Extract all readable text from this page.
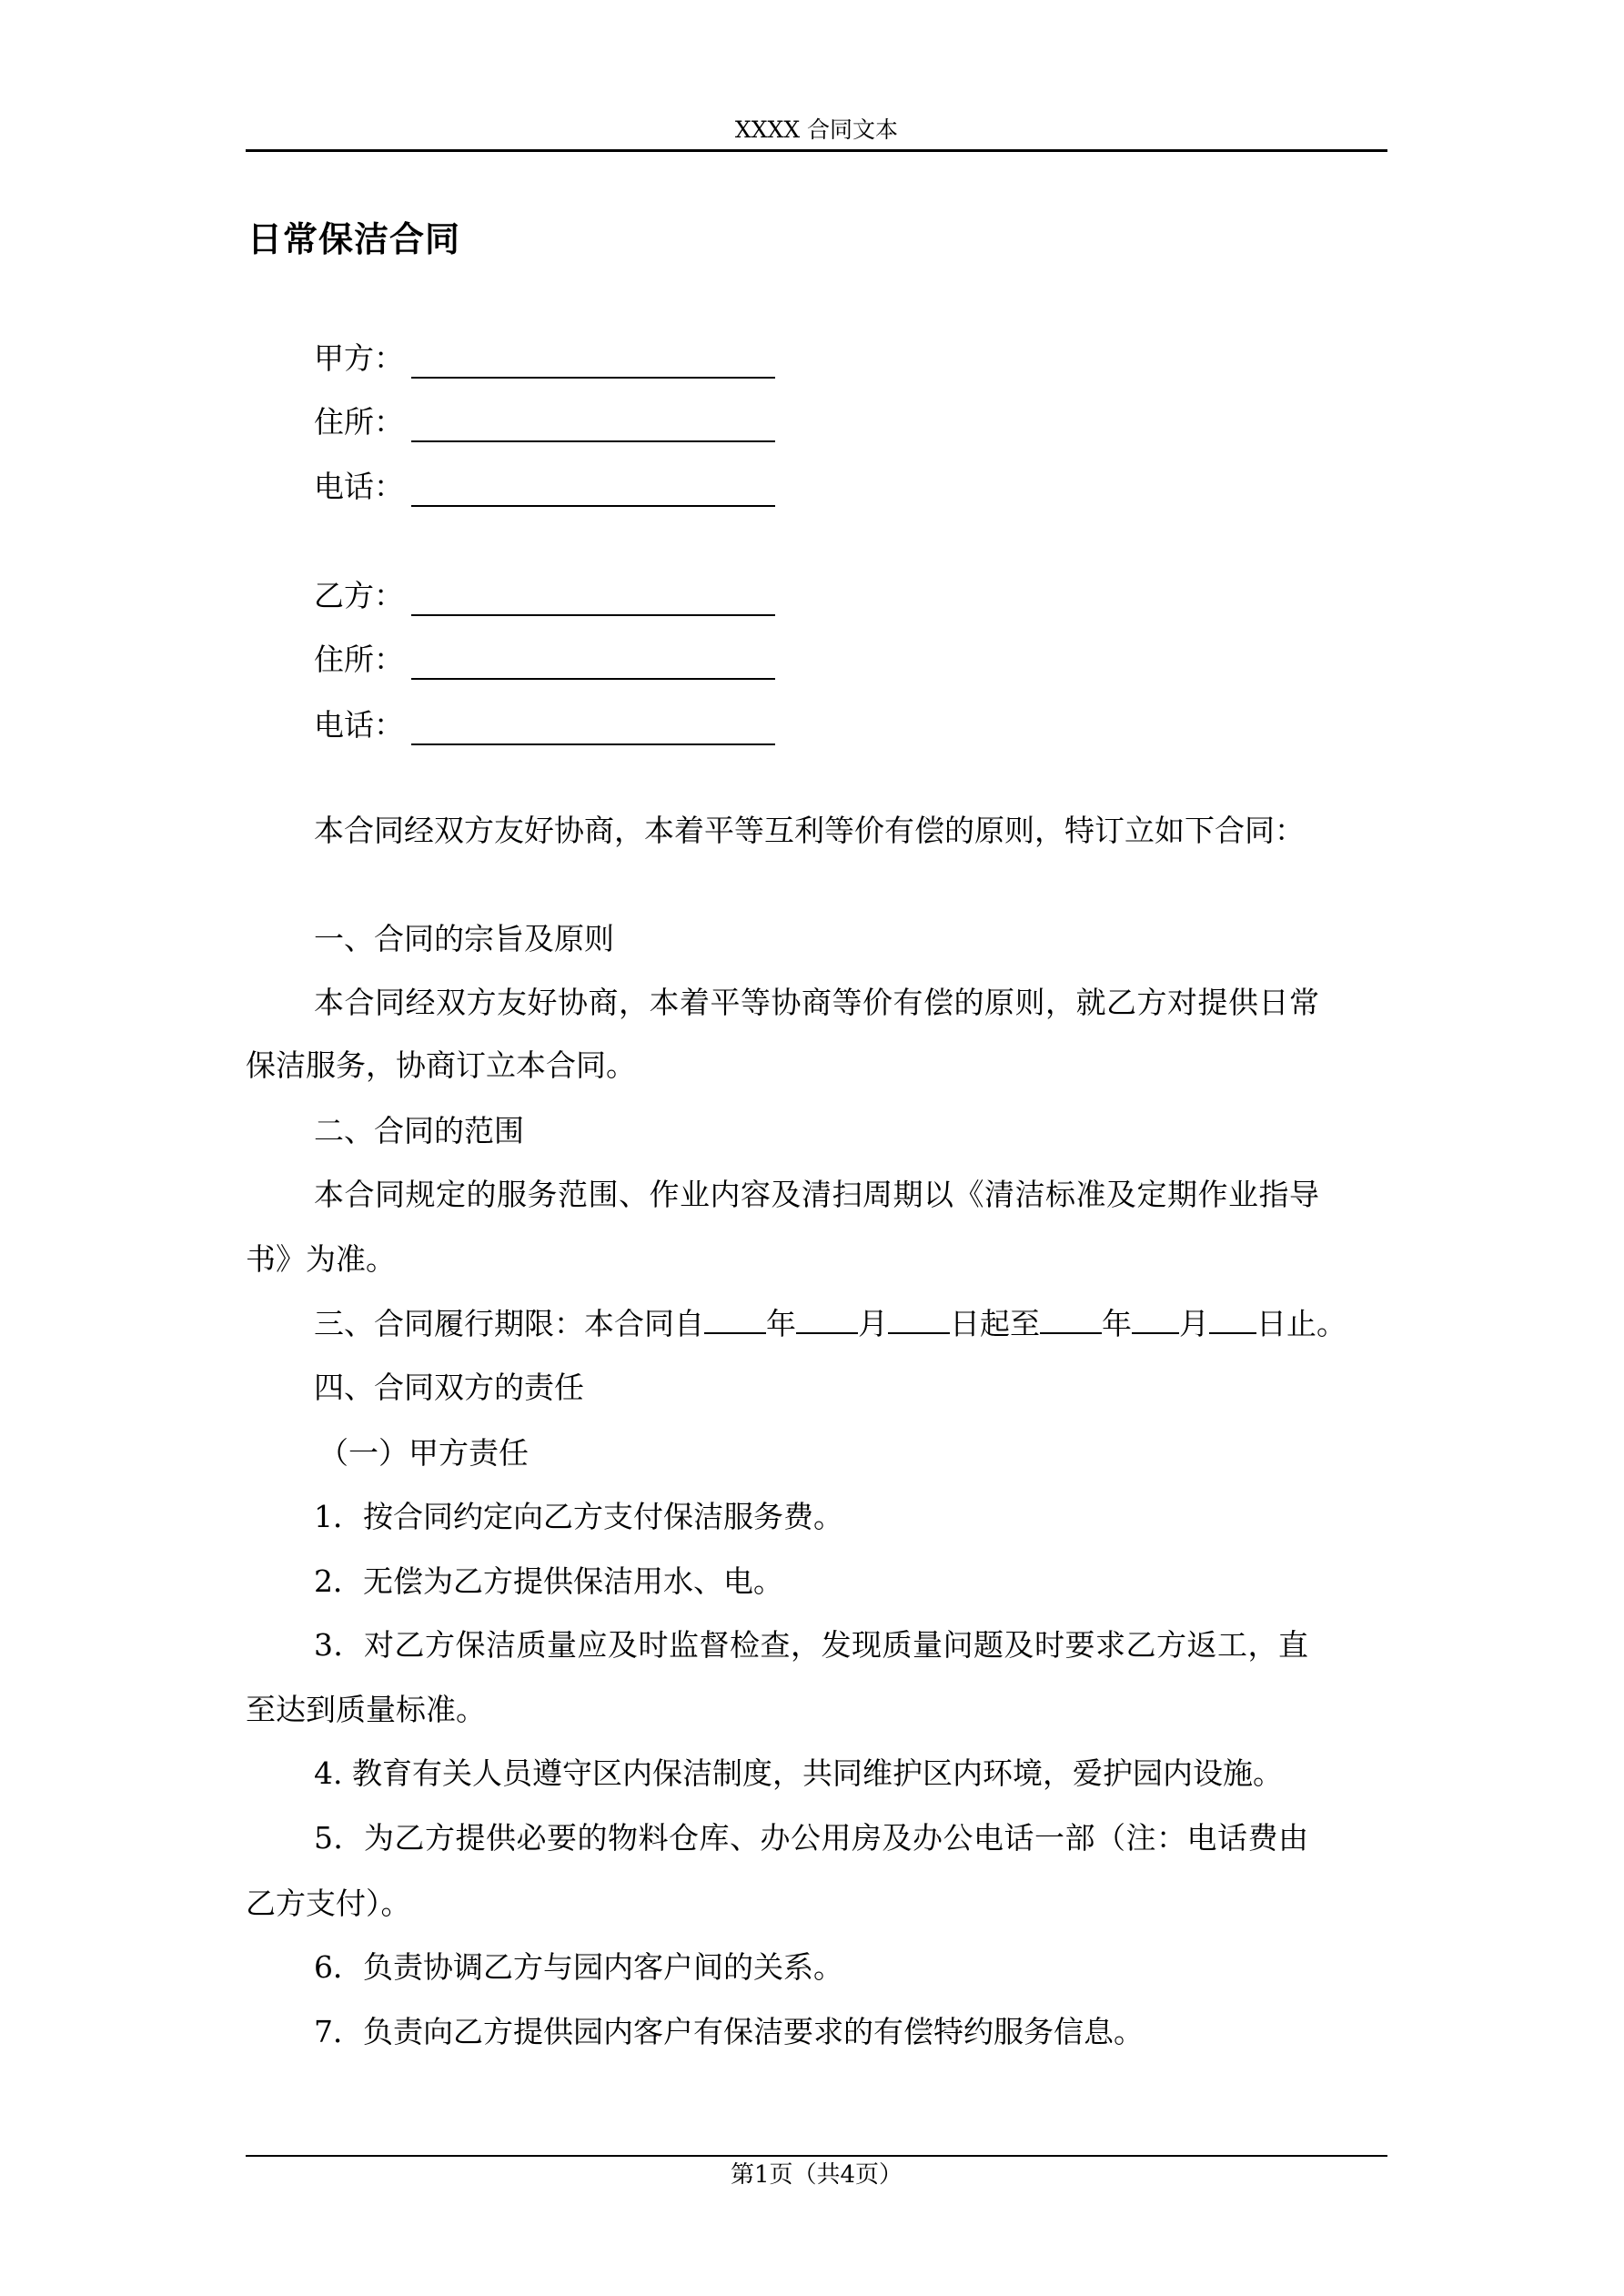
XXXX 合同文本
日常保洁合同
甲方：
住所：
电话：
乙方：
住所：
电话：
本合同经双方友好协商，本着平等互利等价有偿的原则，特订立如下合同：
一、合同的宗旨及原则
本合同经双方友好协商，本着平等协商等价有偿的原则，就乙方对提供日常
保洁服务，协商订立本合同。
二、合同的范围
本合同规定的服务范围、作业内容及清扫周期以《清洁标准及定期作业指导
书》为准。
三、合同履行期限：本合同自 年 月 日起至 年 月 日止。
四、合同双方的责任
（一）甲方责任
1．按合同约定向乙方支付保洁服务费。
2．无偿为乙方提供保洁用水、电。
3．对乙方保洁质量应及时监督检查，发现质量问题及时要求乙方返工，直
至达到质量标准。
4. 教育有关人员遵守区内保洁制度，共同维护区内环境，爱护园内设施。
5．为乙方提供必要的物料仓库、办公用房及办公电话一部（注：电话费由
乙方支付）。
6．负责协调乙方与园内客户间的关系。
7．负责向乙方提供园内客户有保洁要求的有偿特约服务信息。
第1页（共4页）
